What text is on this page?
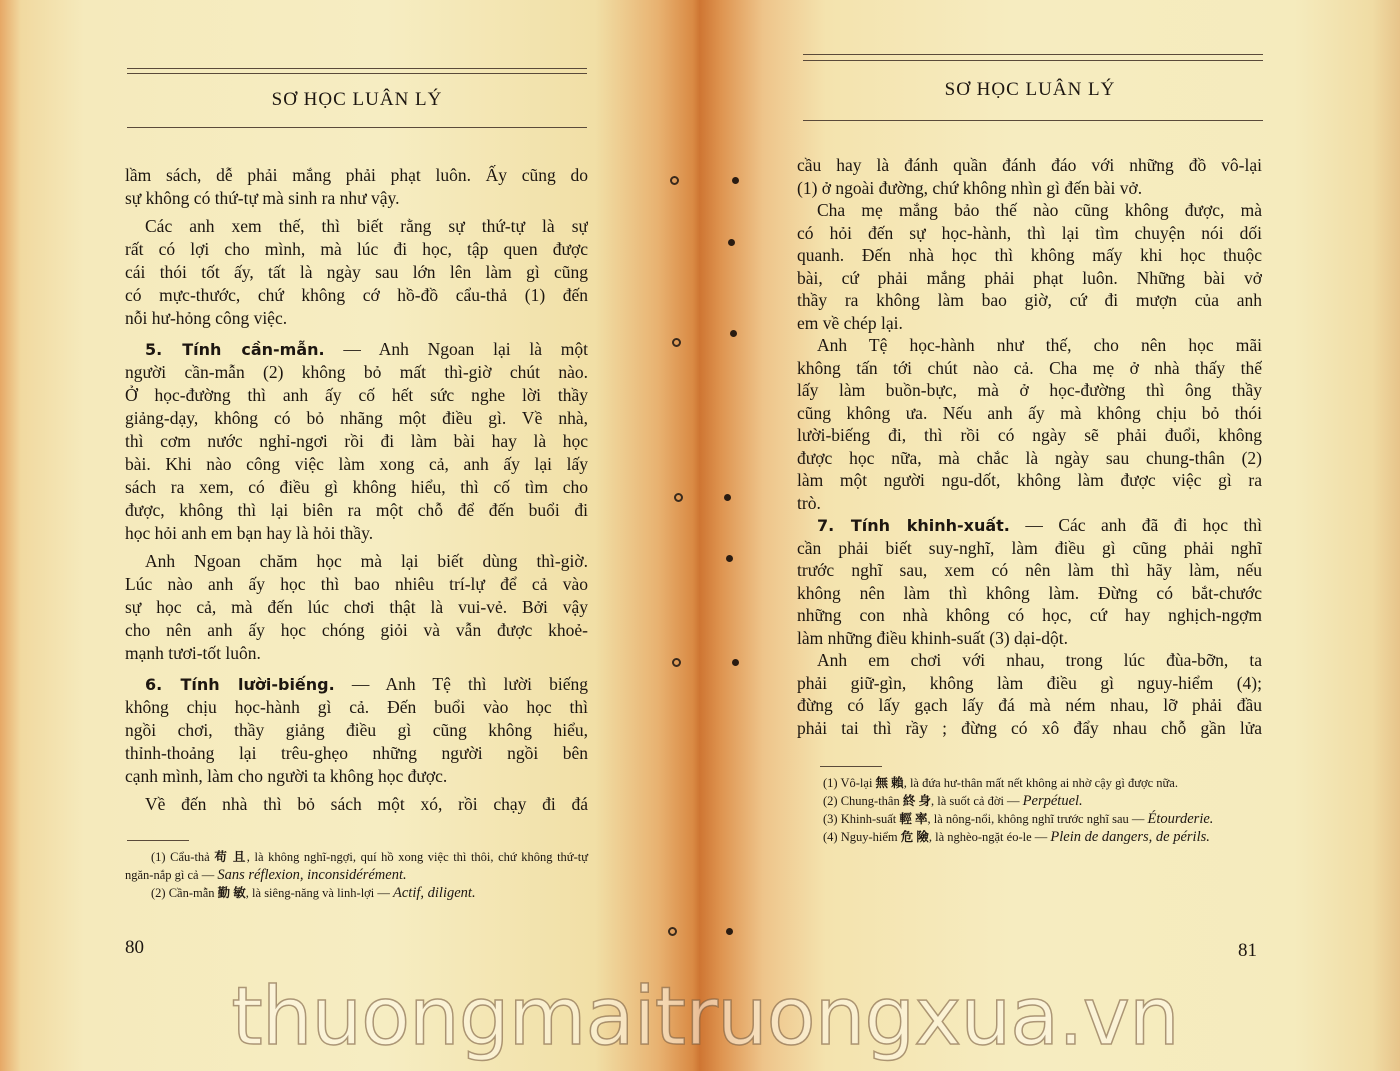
SƠ HỌC LUÂN LÝ
lầm sách, dễ phải mắng phải phạt luôn. Ấy cũng do
sự không có thứ-tự mà sinh ra như vậy.
Các anh xem thế, thì biết rằng sự thứ-tự là sự
rất có lợi cho mình, mà lúc đi học, tập quen được
cái thói tốt ấy, tất là ngày sau lớn lên làm gì cũng
có mực-thước, chứ không cớ hồ-đồ cẩu-thả (1) đến
nỗi hư-hỏng công việc.
5. Tính cần-mẫn. — Anh Ngoan lại là một
người cần-mẫn (2) không bỏ mất thì-giờ chút nào.
Ở học-đường thì anh ấy cố hết sức nghe lời thầy
giảng-dạy, không có bỏ nhãng một điều gì. Về nhà,
thì cơm nước nghỉ-ngơi rồi đi làm bài hay là học
bài. Khi nào công việc làm xong cả, anh ấy lại lấy
sách ra xem, có điều gì không hiểu, thì cố tìm cho
được, không thì lại biên ra một chỗ để đến buổi đi
học hỏi anh em bạn hay là hỏi thầy.
Anh Ngoan chăm học mà lại biết dùng thì-giờ.
Lúc nào anh ấy học thì bao nhiêu trí-lự để cả vào
sự học cả, mà đến lúc chơi thật là vui-vẻ. Bởi vậy
cho nên anh ấy học chóng giỏi và vẫn được khoẻ-
mạnh tươi-tốt luôn.
6. Tính lười-biếng. — Anh Tệ thì lười biếng
không chịu học-hành gì cả. Đến buổi vào học thì
ngồi chơi, thầy giảng điều gì cũng không hiểu,
thỉnh-thoảng lại trêu-ghẹo những người ngồi bên
cạnh mình, làm cho người ta không học được.
Về đến nhà thì bỏ sách một xó, rồi chạy đi đá
(1) Cẩu-thả 苟 且, là không nghĩ-ngợi, quí hồ xong việc thì thôi, chứ không thứ-tự ngăn-nắp gì cả — Sans réflexion, inconsidérément.
(2) Cần-mẫn 勤 敏, là siêng-năng và linh-lợi — Actif, diligent.
80
SƠ HỌC LUÂN LÝ
cầu hay là đánh quần đánh đáo với những đồ vô-lại
(1) ở ngoài đường, chứ không nhìn gì đến bài vở.
Cha mẹ mắng bảo thế nào cũng không được, mà
có hỏi đến sự học-hành, thì lại tìm chuyện nói dối
quanh. Đến nhà học thì không mấy khi học thuộc
bài, cứ phải mắng phải phạt luôn. Những bài vở
thầy ra không làm bao giờ, cứ đi mượn của anh
em về chép lại.
Anh Tệ học-hành như thế, cho nên học mãi
không tấn tới chút nào cả. Cha mẹ ở nhà thấy thế
lấy làm buồn-bực, mà ở học-đường thì ông thầy
cũng không ưa. Nếu anh ấy mà không chịu bỏ thói
lười-biếng đi, thì rồi có ngày sẽ phải đuổi, không
được học nữa, mà chắc là ngày sau chung-thân (2)
làm một người ngu-dốt, không làm được việc gì ra
trò.
7. Tính khinh-xuất. — Các anh đã đi học thì
cần phải biết suy-nghĩ, làm điều gì cũng phải nghĩ
trước nghĩ sau, xem có nên làm thì hãy làm, nếu
không nên làm thì không làm. Đừng có bắt-chước
những con nhà không có học, cứ hay nghịch-ngợm
làm những điều khinh-suất (3) dại-dột.
Anh em chơi với nhau, trong lúc đùa-bỡn, ta
phải giữ-gìn, không làm điều gì nguy-hiểm (4);
đừng có lấy gạch lấy đá mà ném nhau, lỡ phải đầu
phải tai thì rầy ; đừng có xô đẩy nhau chỗ gần lửa
(1) Vô-lại 無 賴, là đứa hư-thân mất nết không ai nhờ cậy gì được nữa.
(2) Chung-thân 終 身, là suốt cả đời — Perpétuel.
(3) Khinh-suất 輕 率, là nông-nổi, không nghĩ trước nghĩ sau — Étourderie.
(4) Nguy-hiểm 危 險, là nghèo-ngặt éo-le — Plein de dangers, de périls.
81
thuongmaitruongxua.vn
